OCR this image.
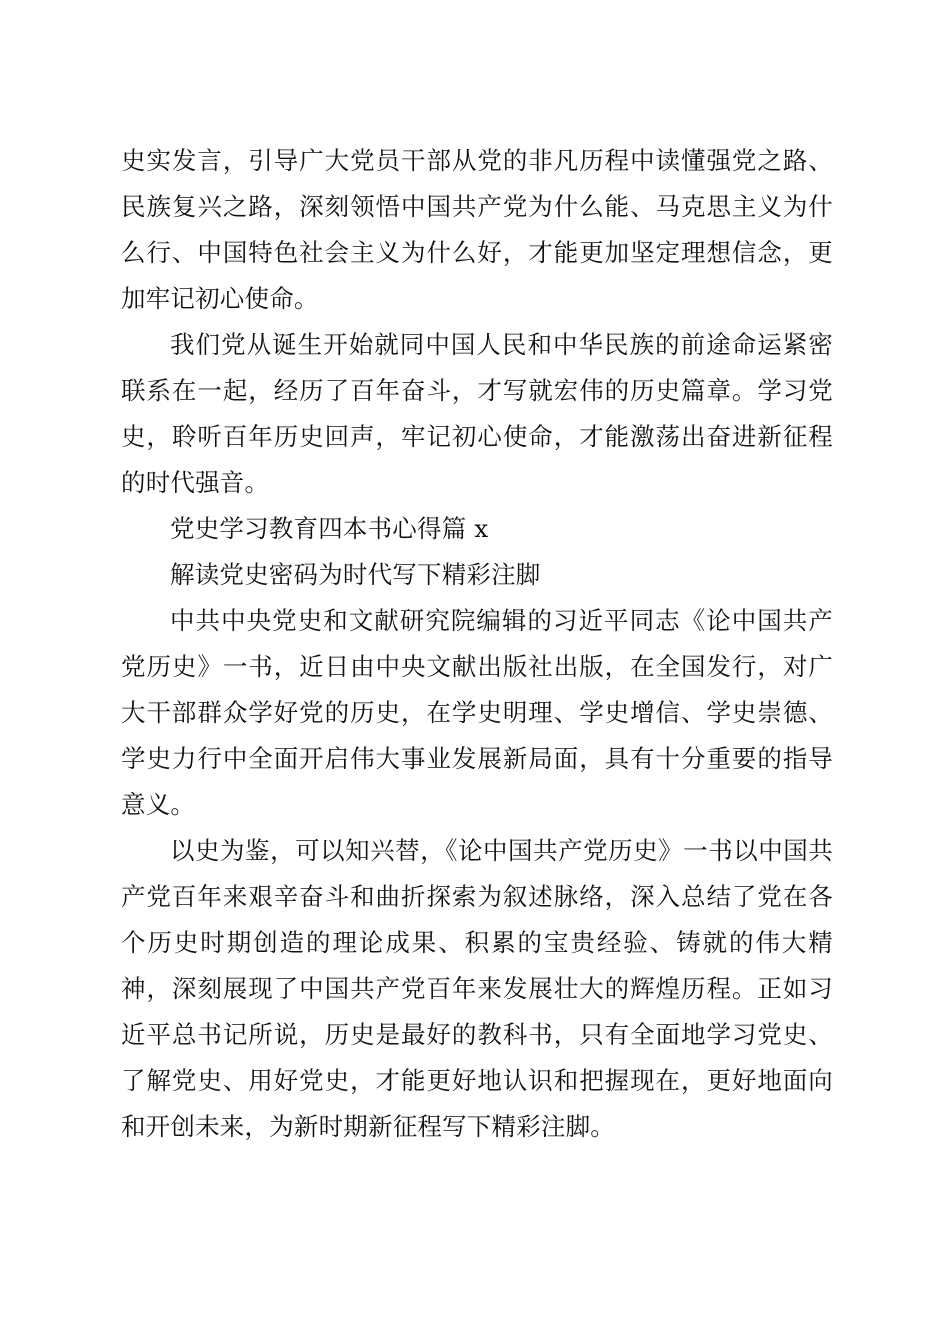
史实发言，引导广大党员干部从党的非凡历程中读懂强党之路、民族复兴之路，深刻领悟中国共产党为什么能、马克思主义为什么行、中国特色社会主义为什么好，才能更加坚定理想信念，更加牢记初心使命。

我们党从诞生开始就同中国人民和中华民族的前途命运紧密联系在一起，经历了百年奋斗，才写就宏伟的历史篇章。学习党史，聆听百年历史回声，牢记初心使命，才能激荡出奋进新征程的时代强音。

党史学习教育四本书心得篇 x

解读党史密码为时代写下精彩注脚

中共中央党史和文献研究院编辑的习近平同志《论中国共产党历史》一书，近日由中央文献出版社出版，在全国发行，对广大干部群众学好党的历史，在学史明理、学史增信、学史崇德、学史力行中全面开启伟大事业发展新局面，具有十分重要的指导意义。

以史为鉴，可以知兴替，《论中国共产党历史》一书以中国共产党百年来艰辛奋斗和曲折探索为叙述脉络，深入总结了党在各个历史时期创造的理论成果、积累的宝贵经验、铸就的伟大精神，深刻展现了中国共产党百年来发展壮大的辉煌历程。正如习近平总书记所说，历史是最好的教科书，只有全面地学习党史、了解党史、用好党史，才能更好地认识和把握现在，更好地面向和开创未来，为新时期新征程写下精彩注脚。
